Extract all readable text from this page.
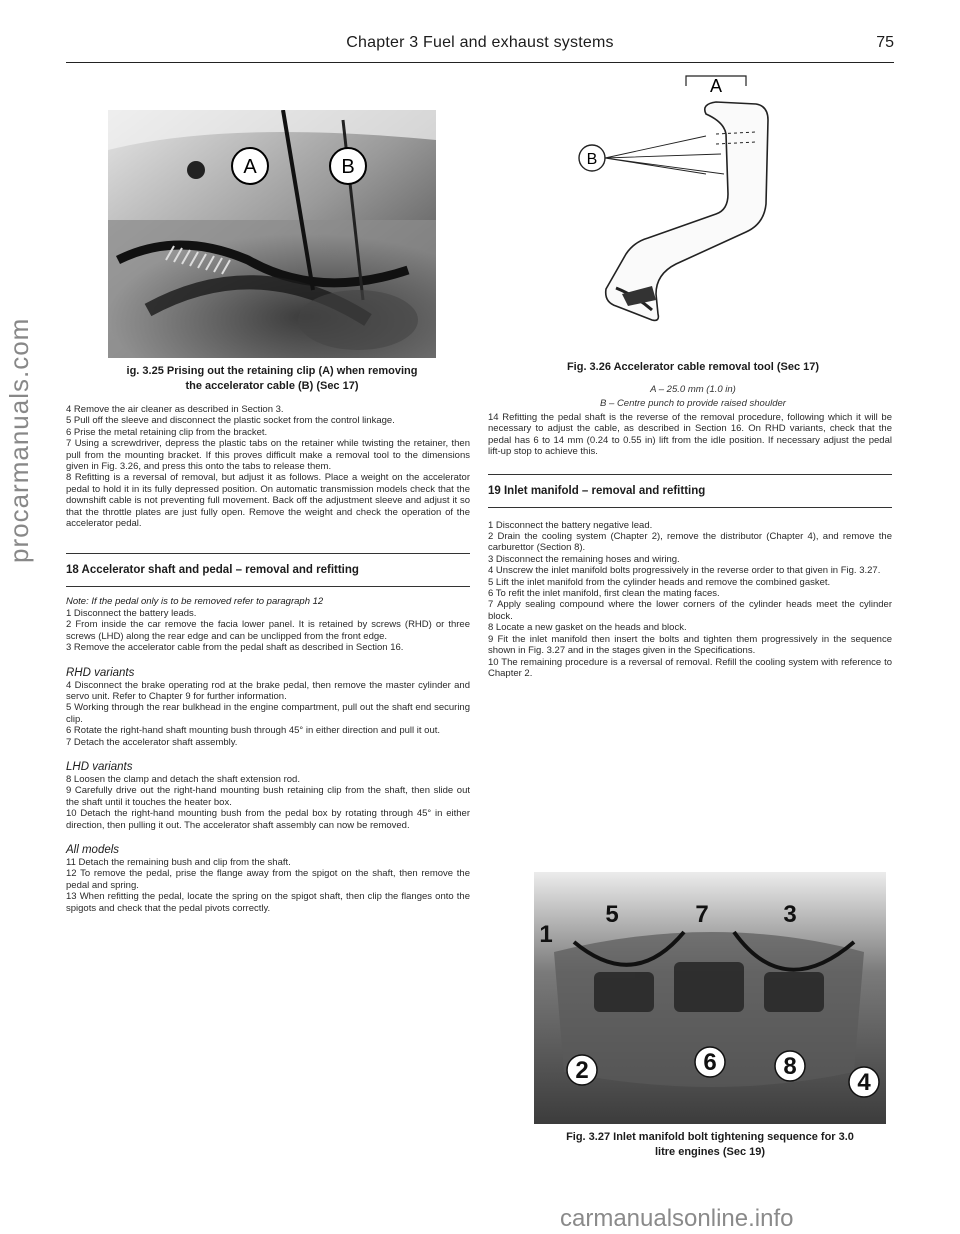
Chapter 3 Fuel and exhaust systems	75
procarmanuals.com
carmanualsonline.info
A	B
ig. 3.25 Prising out the retaining clip (A) when removing
the accelerator cable (B) (Sec 17)
A
B
Fig. 3.26 Accelerator cable removal tool (Sec 17)
A – 25.0 mm (1.0 in)
B – Centre punch to provide raised shoulder

4 Remove the air cleaner as described in Section 3.

5 Pull off the sleeve and disconnect the plastic socket from the control linkage.

6 Prise the metal retaining clip from the bracket.

7 Using a screwdriver, depress the plastic tabs on the retainer while twisting the retainer, then pull from the mounting bracket. If this proves difficult make a removal tool to the dimensions given in Fig. 3.26, and press this onto the tabs to release them.

8 Refitting is a reversal of removal, but adjust it as follows. Place a weight on the accelerator pedal to hold it in its fully depressed position. On automatic transmission models check that the downshift cable is not preventing full movement. Back off the adjustment sleeve and adjust it so that the throttle plates are just fully open. Remove the weight and check the operation of the accelerator pedal.

18 Accelerator shaft and pedal – removal and refitting
Note: If the pedal only is to be removed refer to paragraph 12

1 Disconnect the battery leads.

2 From inside the car remove the facia lower panel. It is retained by screws (RHD) or three screws (LHD) along the rear edge and can be unclipped from the front edge.

3 Remove the accelerator cable from the pedal shaft as described in Section 16.

RHD variants

4 Disconnect the brake operating rod at the brake pedal, then remove the master cylinder and servo unit. Refer to Chapter 9 for further information.

5 Working through the rear bulkhead in the engine compartment, pull out the shaft end securing clip.

6 Rotate the right-hand shaft mounting bush through 45° in either direction and pull it out.

7 Detach the accelerator shaft assembly.

LHD variants

8 Loosen the clamp and detach the shaft extension rod.

9 Carefully drive out the right-hand mounting bush retaining clip from the shaft, then slide out the shaft until it touches the heater box.

10 Detach the right-hand mounting bush from the pedal box by rotating through 45° in either direction, then pulling it out. The accelerator shaft assembly can now be removed.

All models

11 Detach the remaining bush and clip from the shaft.

12 To remove the pedal, prise the flange away from the spigot on the shaft, then remove the pedal and spring.

13 When refitting the pedal, locate the spring on the spigot shaft, then clip the flanges onto the spigots and check that the pedal pivots correctly.

14 Refitting the pedal shaft is the reverse of the removal procedure, following which it will be necessary to adjust the cable, as described in Section 16. On RHD variants, check that the pedal has 6 to 14 mm (0.24 to 0.55 in) lift from the idle position. If necessary adjust the pedal lift-up stop to achieve this.
19 Inlet manifold – removal and refitting

1 Disconnect the battery negative lead.

2 Drain the cooling system (Chapter 2), remove the distributor (Chapter 4), and remove the carburettor (Section 8).

3 Disconnect the remaining hoses and wiring.

4 Unscrew the inlet manifold bolts progressively in the reverse order to that given in Fig. 3.27.

5 Lift the inlet manifold from the cylinder heads and remove the combined gasket.

6 To refit the inlet manifold, first clean the mating faces.

7 Apply sealing compound where the lower corners of the cylinder heads meet the cylinder block.

8 Locate a new gasket on the heads and block.

9 Fit the inlet manifold then insert the bolts and tighten them progressively in the sequence shown in Fig. 3.27 and in the stages given in the Specifications.

10 The remaining procedure is a reversal of removal. Refill the cooling system with reference to Chapter 2.

1
5	7	3
2	6	8
4
Fig. 3.27 Inlet manifold bolt tightening sequence for 3.0
litre engines (Sec 19)
